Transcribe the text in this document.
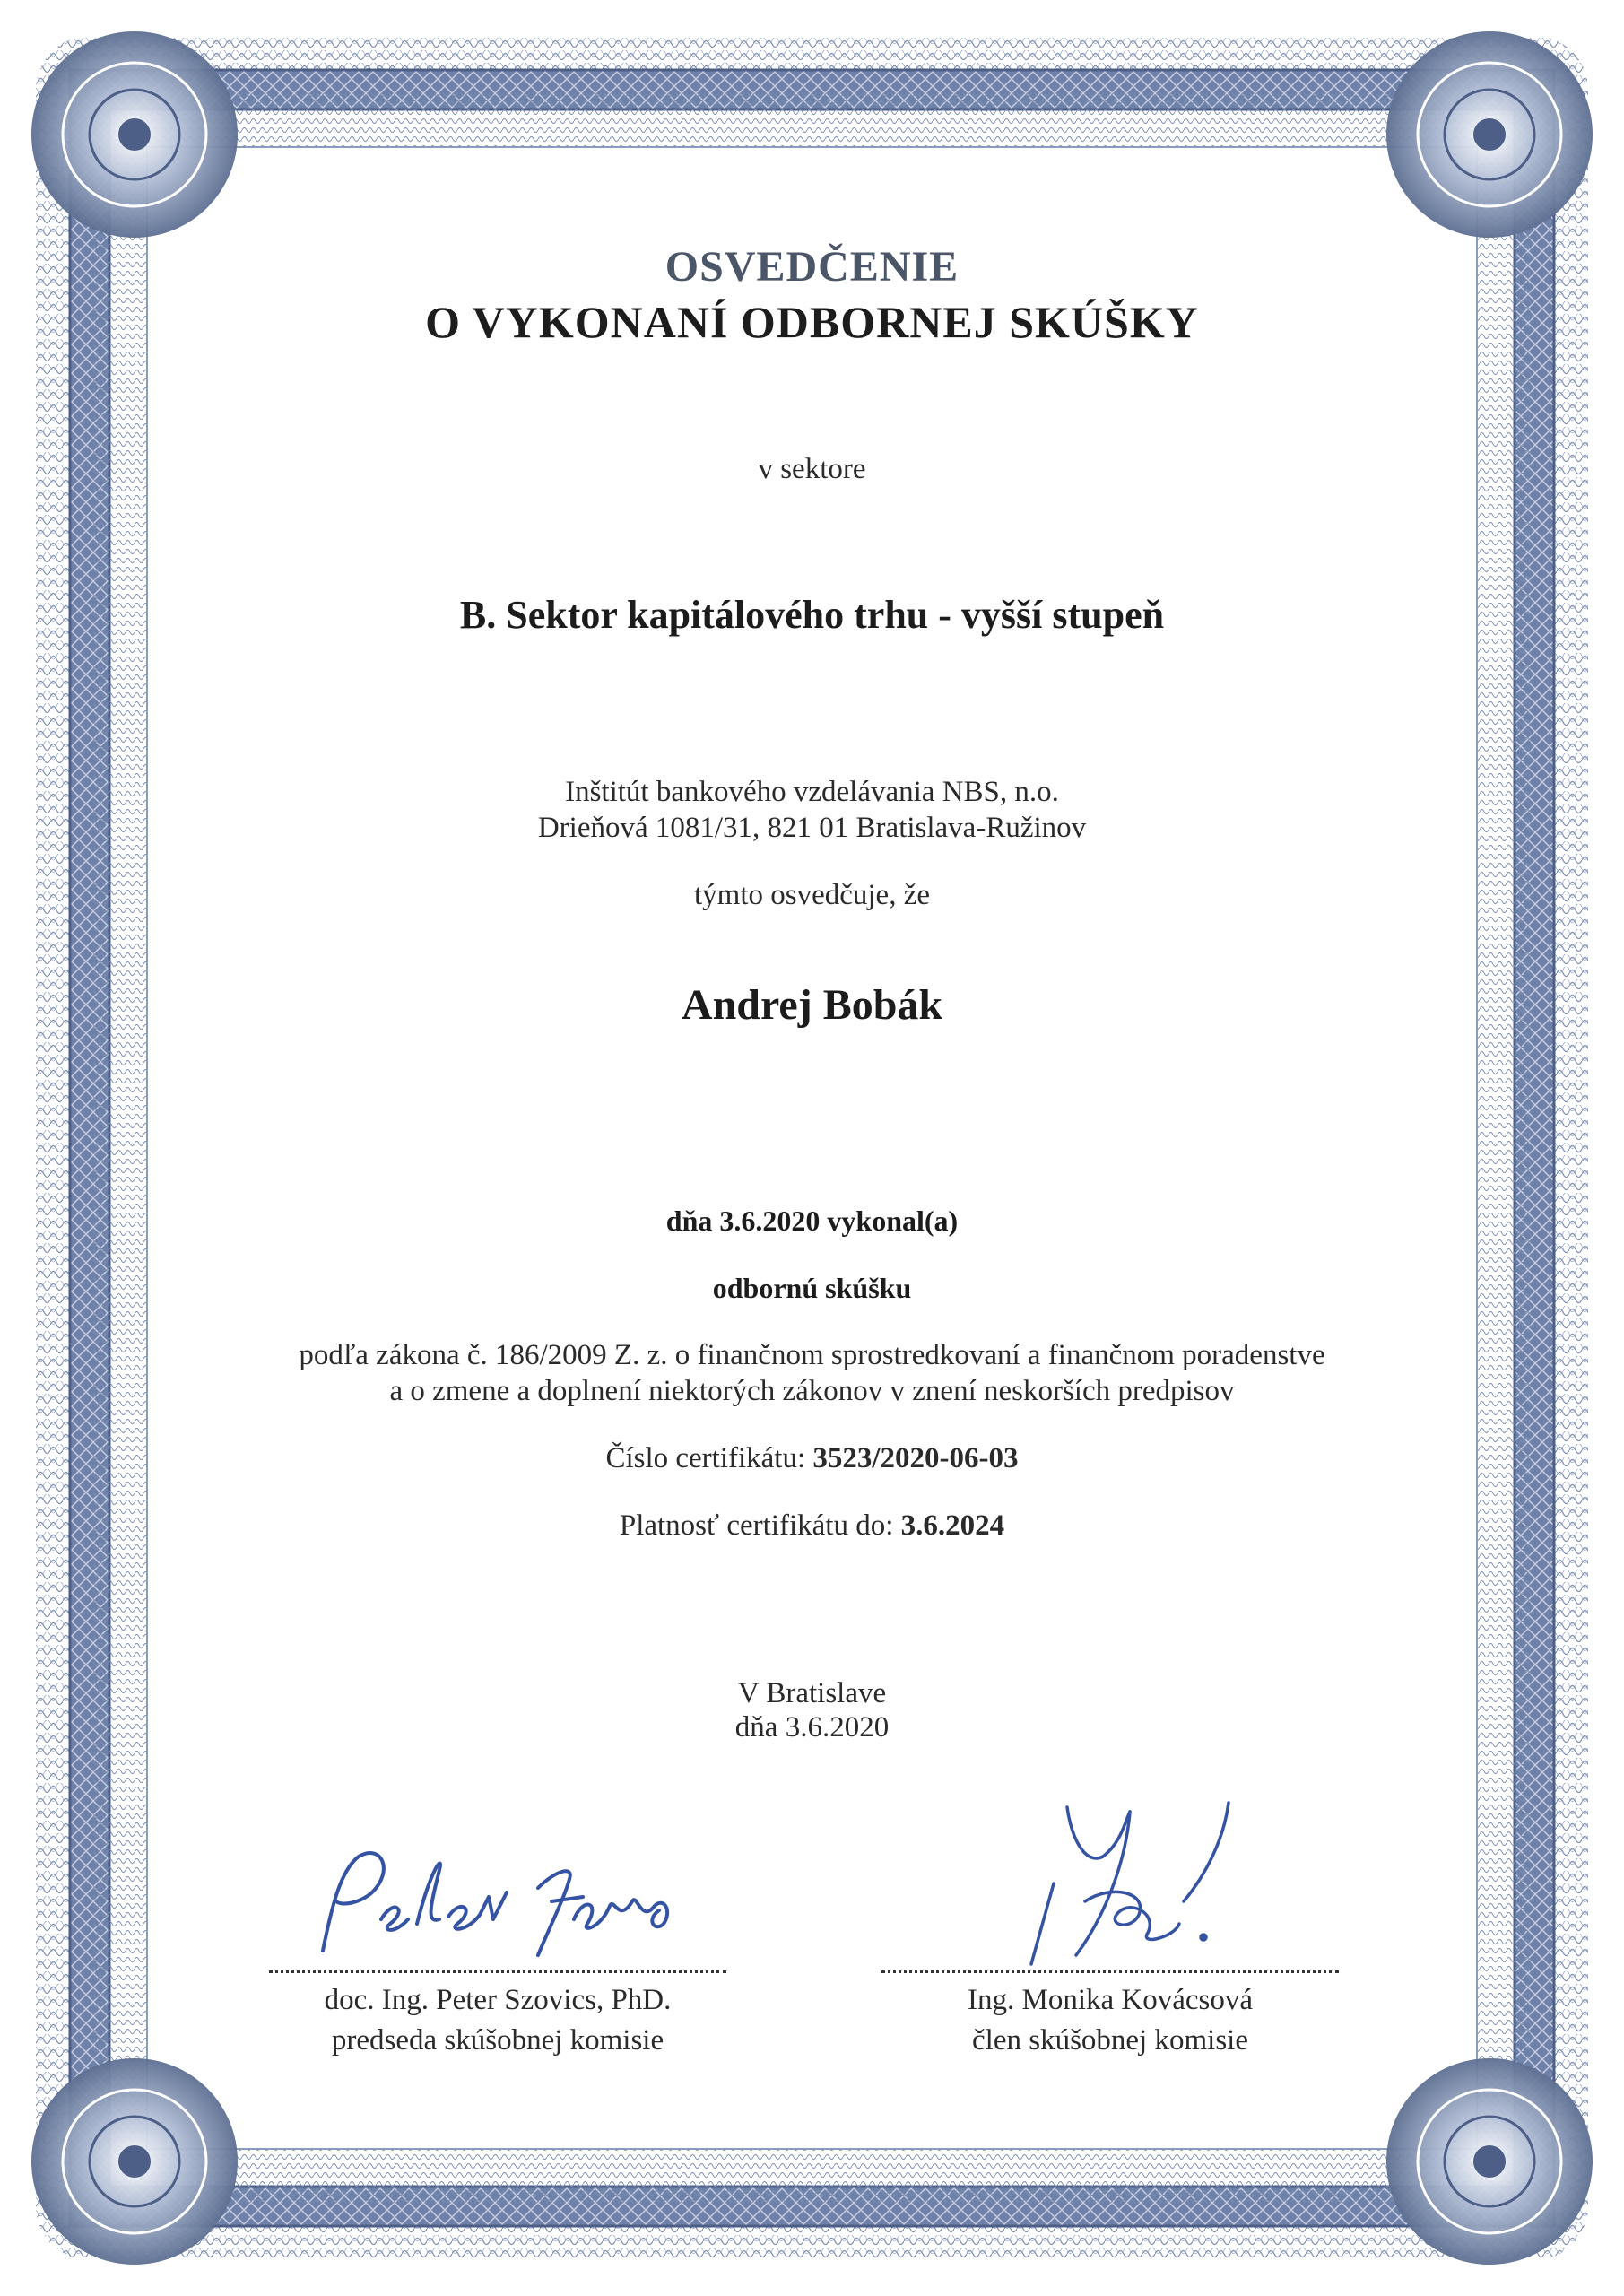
OSVEDČENIE
O VYKONANÍ ODBORNEJ SKÚŠKY
v sektore
B. Sektor kapitálového trhu - vyšší stupeň
Inštitút bankového vzdelávania NBS, n.o.
Drieňová 1081/31, 821 01 Bratislava-Ružinov
týmto osvedčuje, že
Andrej Bobák
dňa 3.6.2020 vykonal(a)
odbornú skúšku
podľa zákona č. 186/2009 Z. z. o finančnom sprostredkovaní a finančnom poradenstve
a o zmene a doplnení niektorých zákonov v znení neskorších predpisov
Číslo certifikátu: 3523/2020-06-03
Platnosť certifikátu do: 3.6.2024
V Bratislave
dňa 3.6.2020
doc. Ing. Peter Szovics, PhD.
predseda skúšobnej komisie
Ing. Monika Kovácsová
člen skúšobnej komisie
